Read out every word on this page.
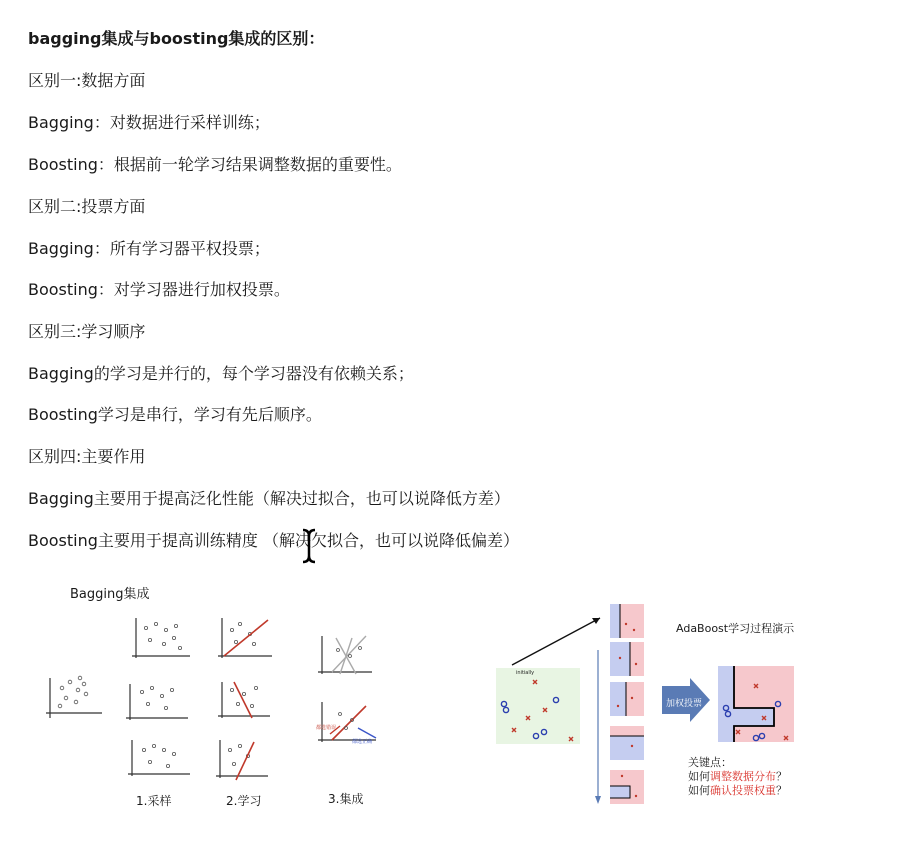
bagging集成与boosting集成的区别：
区别一:数据方面
Bagging：对数据进行采样训练；
Boosting：根据前一轮学习结果调整数据的重要性。
区别二:投票方面
Bagging：所有学习器平权投票；
Boosting：对学习器进行加权投票。
区别三:学习顺序
Bagging的学习是并行的，每个学习器没有依赖关系；
Boosting学习是串行，学习有先后顺序。
区别四:主要作用
Bagging主要用于提高泛化性能（解决过拟合，也可以说降低方差）
Boosting主要用于提高训练精度 （解决欠拟合，也可以说降低偏差）
Bagging集成
都选错误
都选正确
1.采样	2.学习	3.集成
initially
AdaBoost学习过程演示
加权投票
关键点：
如何调整数据分布？
如何确认投票权重？
